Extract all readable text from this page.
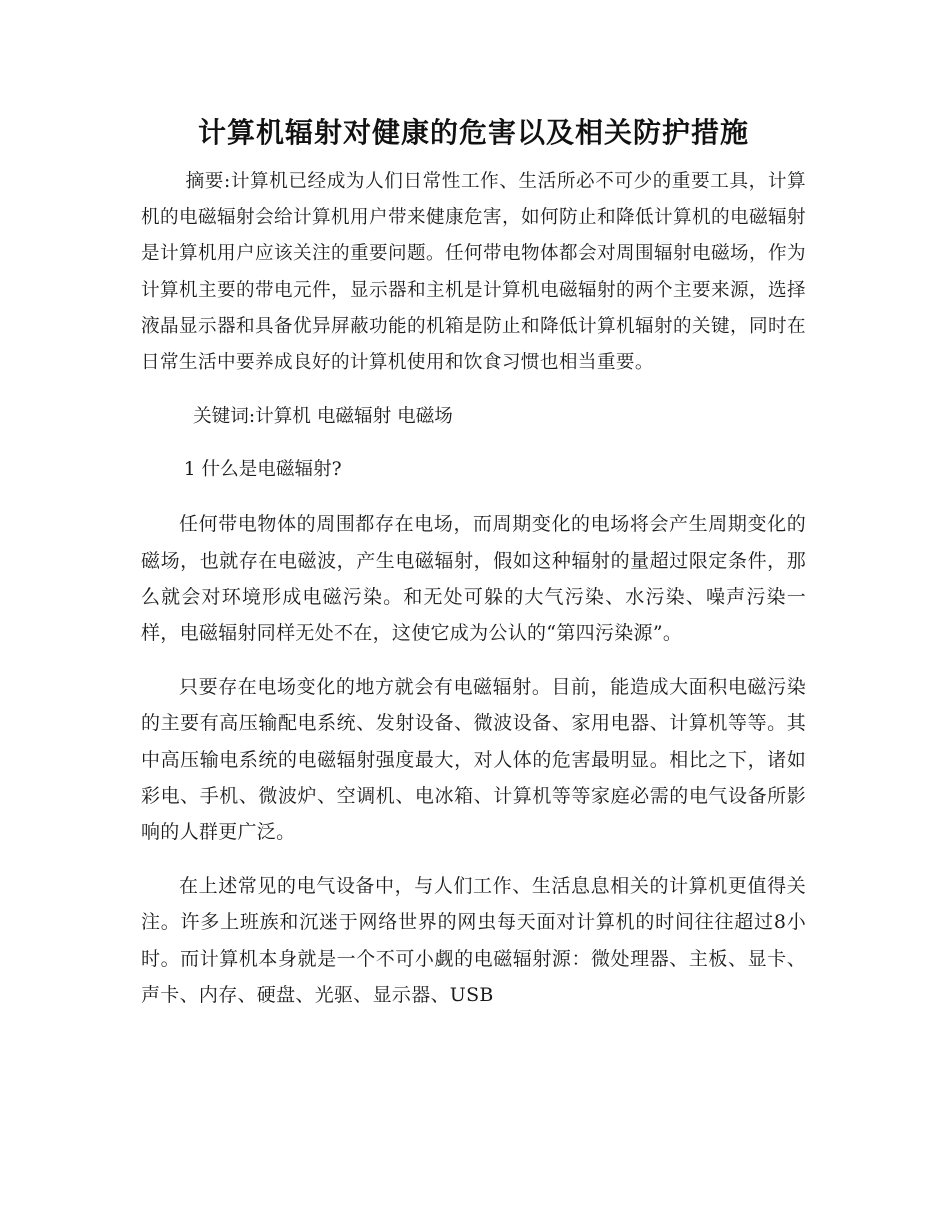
计算机辐射对健康的危害以及相关防护措施

摘要:计算机已经成为人们日常性工作、生活所必不可少的重要工具，计算机的电磁辐射会给计算机用户带来健康危害，如何防止和降低计算机的电磁辐射是计算机用户应该关注的重要问题。任何带电物体都会对周围辐射电磁场，作为计算机主要的带电元件，显示器和主机是计算机电磁辐射的两个主要来源，选择液晶显示器和具备优异屏蔽功能的机箱是防止和降低计算机辐射的关键，同时在日常生活中要养成良好的计算机使用和饮食习惯也相当重要。

关键词:计算机 电磁辐射 电磁场

1 什么是电磁辐射?

任何带电物体的周围都存在电场，而周期变化的电场将会产生周期变化的磁场，也就存在电磁波，产生电磁辐射，假如这种辐射的量超过限定条件，那么就会对环境形成电磁污染。和无处可躲的大气污染、水污染、噪声污染一样，电磁辐射同样无处不在，这使它成为公认的“第四污染源”。

只要存在电场变化的地方就会有电磁辐射。目前，能造成大面积电磁污染的主要有高压输配电系统、发射设备、微波设备、家用电器、计算机等等。其中高压输电系统的电磁辐射强度最大，对人体的危害最明显。相比之下，诸如彩电、手机、微波炉、空调机、电冰箱、计算机等等家庭必需的电气设备所影响的人群更广泛。

在上述常见的电气设备中，与人们工作、生活息息相关的计算机更值得关注。许多上班族和沉迷于网络世界的网虫每天面对计算机的时间往往超过8小时。而计算机本身就是一个不可小觑的电磁辐射源：微处理器、主板、显卡、声卡、内存、硬盘、光驱、显示器、USB
